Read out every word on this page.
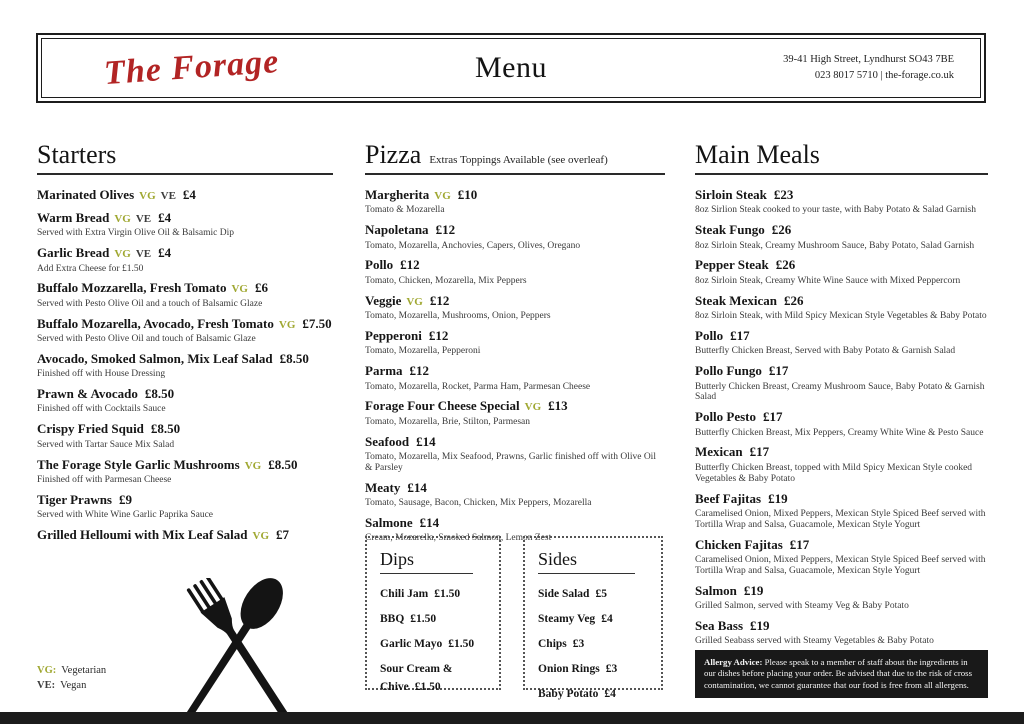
The Forage	Menu	39-41 High Street, Lyndhurst SO43 7BE
023 8017 5710 | the-forage.co.uk
Starters
Marinated Olives VG VE £4
Warm Bread VG VE £4
Served with Extra Virgin Olive Oil & Balsamic Dip
Garlic Bread VG VE £4
Add Extra Cheese for £1.50
Buffalo Mozzarella, Fresh Tomato VG £6
Served with Pesto Olive Oil and a touch of Balsamic Glaze
Buffalo Mozarella, Avocado, Fresh Tomato VG £7.50
Served with Pesto Olive Oil and touch of Balsamic Glaze
Avocado, Smoked Salmon, Mix Leaf Salad £8.50
Finished off with House Dressing
Prawn & Avocado £8.50
Finished off with Cocktails Sauce
Crispy Fried Squid £8.50
Served with Tartar Sauce Mix Salad
The Forage Style Garlic Mushrooms VG £8.50
Finished off with Parmesan Cheese
Tiger Prawns £9
Served with White Wine Garlic Paprika Sauce
Grilled Helloumi with Mix Leaf Salad VG £7
Pizza Extras Toppings Available (see overleaf)
Margherita VG £10
Tomato & Mozarella
Napoletana £12
Tomato, Mozarella, Anchovies, Capers, Olives, Oregano
Pollo £12
Tomato, Chicken, Mozarella, Mix Peppers
Veggie VG £12
Tomato, Mozarella, Mushrooms, Onion, Peppers
Pepperoni £12
Tomato, Mozarella, Pepperoni
Parma £12
Tomato, Mozarella, Rocket, Parma Ham, Parmesan Cheese
Forage Four Cheese Special VG £13
Tomato, Mozarella, Brie, Stilton, Parmesan
Seafood £14
Tomato, Mozarella, Mix Seafood, Prawns, Garlic finished off with Olive Oil & Parsley
Meaty £14
Tomato, Sausage, Bacon, Chicken, Mix Peppers, Mozarella
Salmone £14
Cream, Mozarella, Smoked Salmon, Lemon Zest
Main Meals
Sirloin Steak £23
8oz Sirlion Steak cooked to your taste, with Baby Potato & Salad Garnish
Steak Fungo £26
8oz Sirloin Steak, Creamy Mushroom Sauce, Baby Potato, Salad Garnish
Pepper Steak £26
8oz Sirloin Steak, Creamy White Wine Sauce with Mixed Peppercorn
Steak Mexican £26
8oz Sirloin Steak, with Mild Spicy Mexican Style Vegetables & Baby Potato
Pollo £17
Butterfly Chicken Breast, Served with Baby Potato & Garnish Salad
Pollo Fungo £17
Butterly Chicken Breast, Creamy Mushroom Sauce, Baby Potato & Garnish Salad
Pollo Pesto £17
Butterfly Chicken Breast, Mix Peppers, Creamy White Wine & Pesto Sauce
Mexican £17
Butterfly Chicken Breast, topped with Mild Spicy Mexican Style cooked Vegetables & Baby Potato
Beef Fajitas £19
Caramelised Onion, Mixed Peppers, Mexican Style Spiced Beef served with Tortilla Wrap and Salsa, Guacamole, Mexican Style Yogurt
Chicken Fajitas £17
Caramelised Onion, Mixed Peppers, Mexican Style Spiced Beef served with Tortilla Wrap and Salsa, Guacamole, Mexican Style Yogurt
Salmon £19
Grilled Salmon, served with Steamy Veg & Baby Potato
Sea Bass £19
Grilled Seabass served with Steamy Vegetables & Baby Potato
Dips
Chili Jam £1.50
BBQ £1.50
Garlic Mayo £1.50
Sour Cream & Chive £1.50
Sides
Side Salad £5
Steamy Veg £4
Chips £3
Onion Rings £3
Baby Potato £4
Allergy Advice: Please speak to a member of staff about the ingredients in our dishes before placing your order. Be advised that due to the risk of cross contamination, we cannot guarantee that our food is free from all allergens.
VG: Vegetarian
VE: Vegan
